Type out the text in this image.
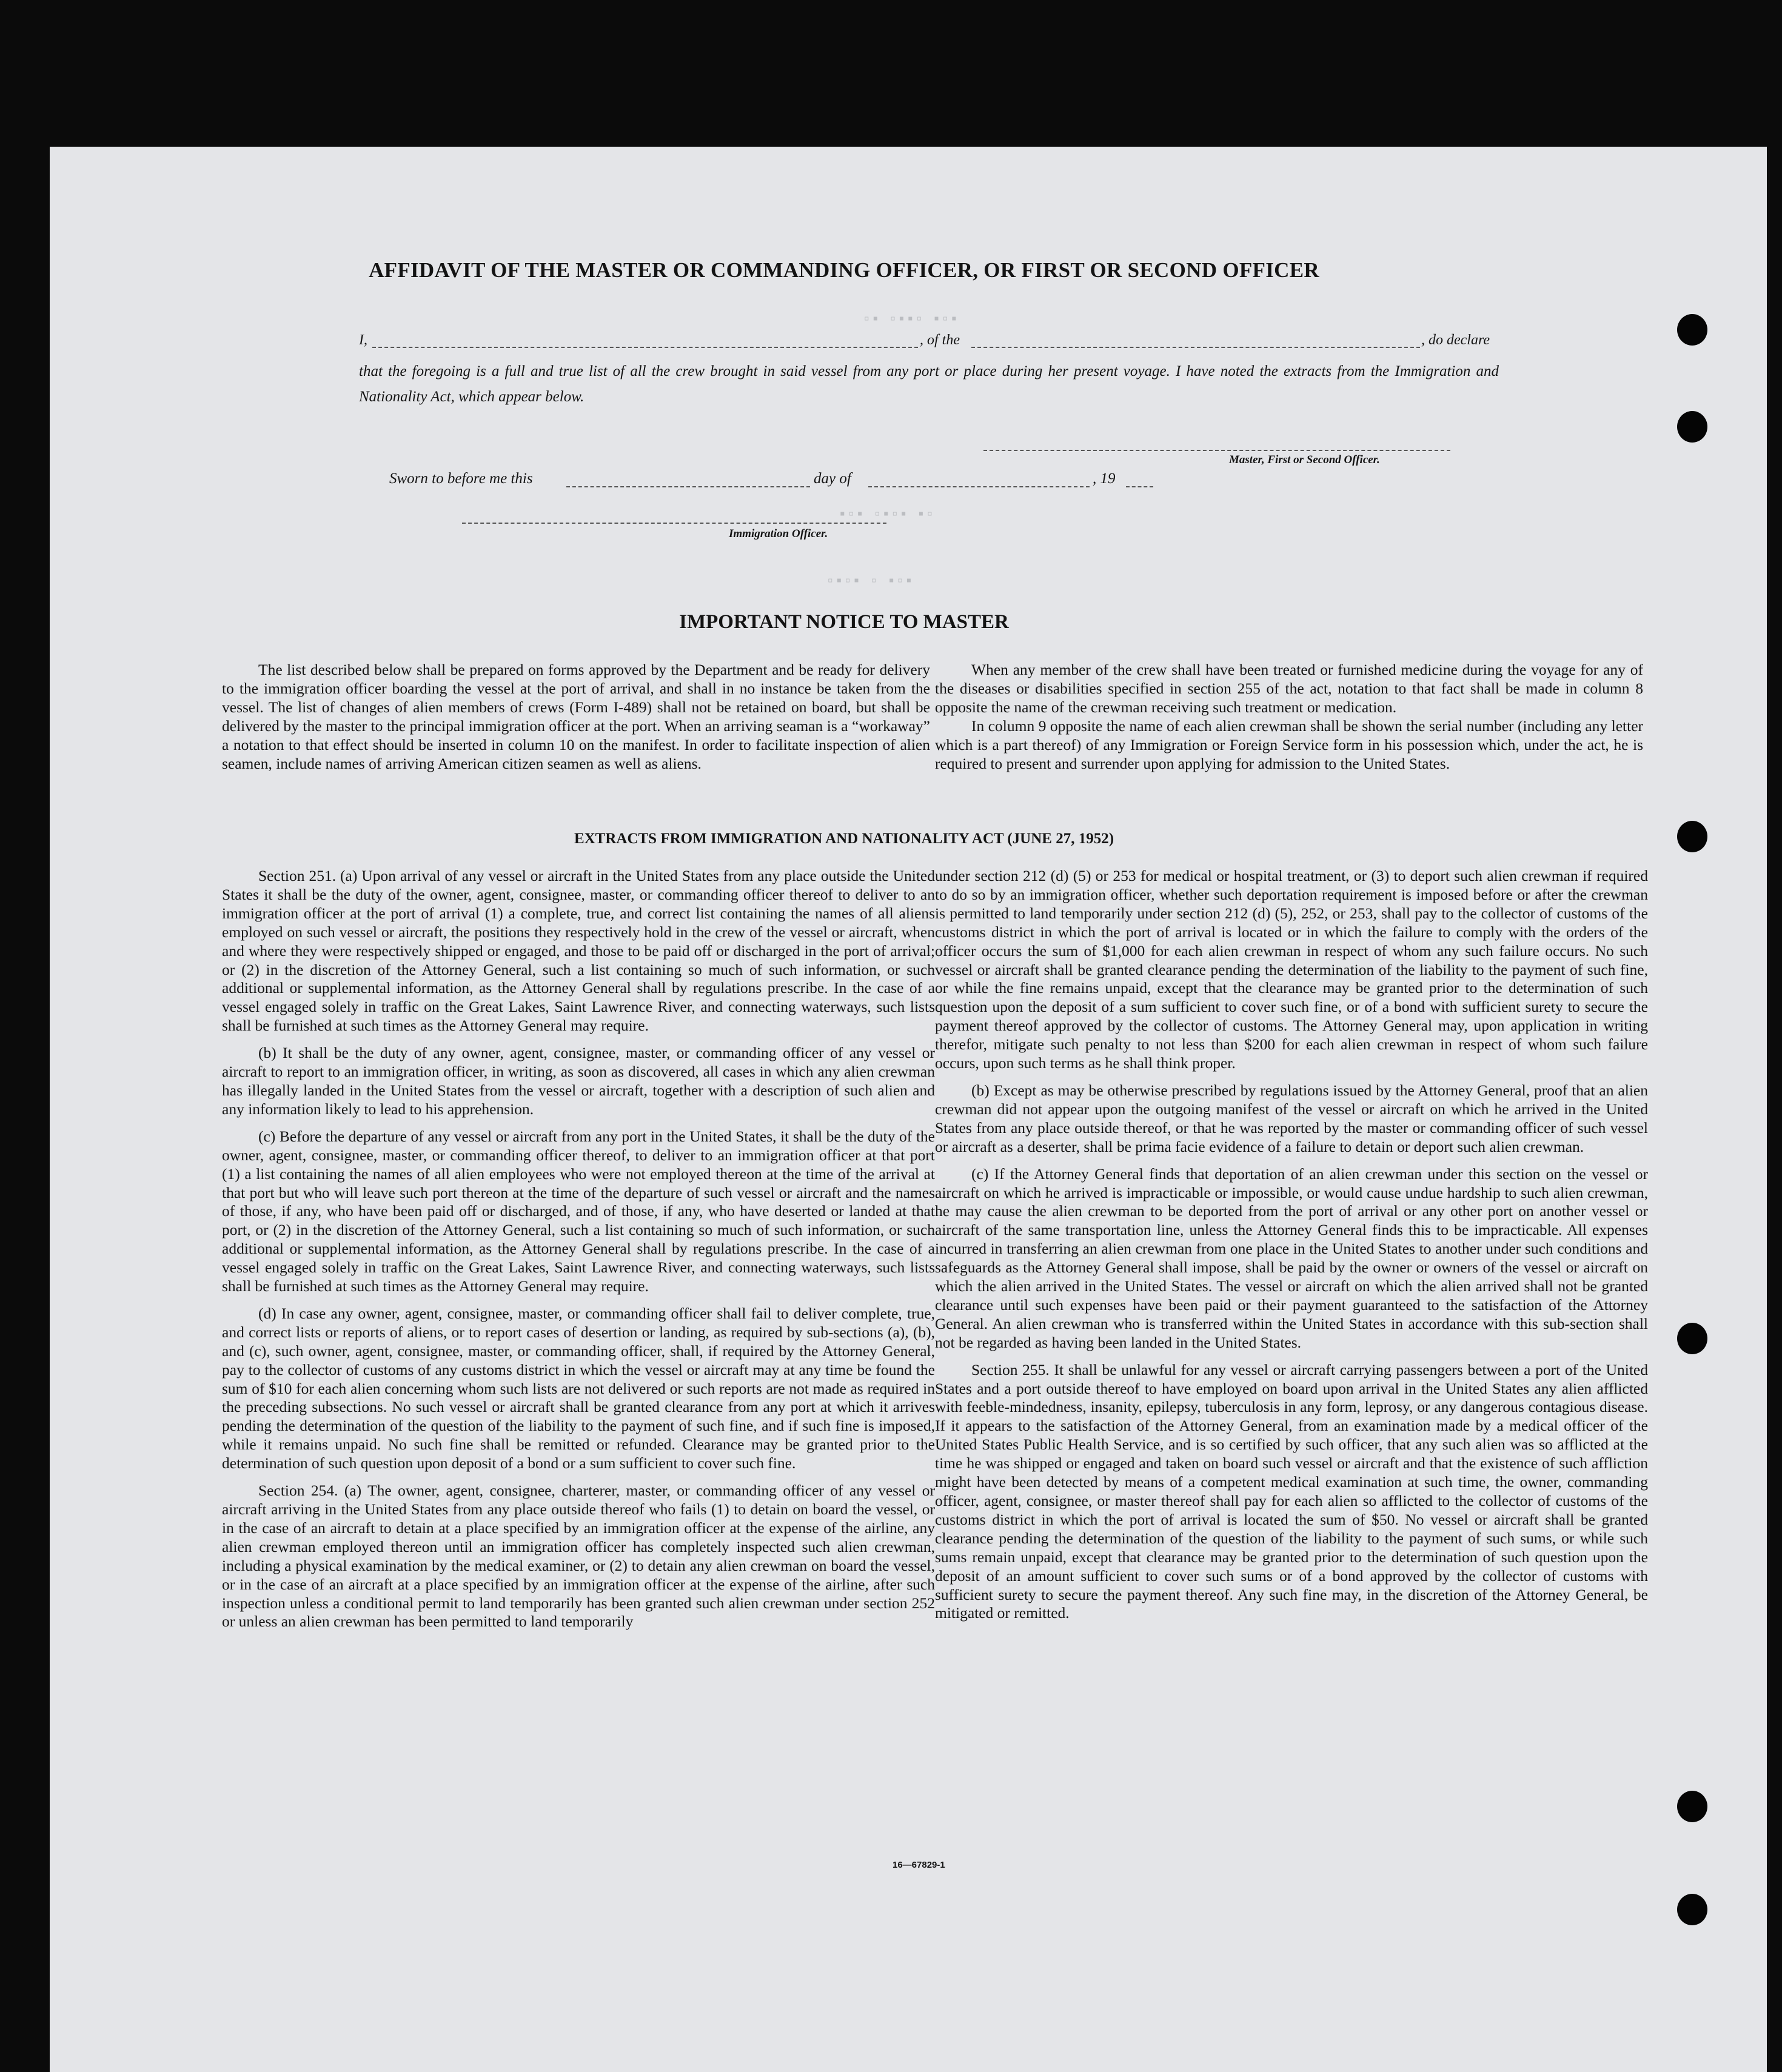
AFFIDAVIT OF THE MASTER OR COMMANDING OFFICER, OR FIRST OR SECOND OFFICER
I,	, of the	, do declare
that the foregoing is a full and true list of all the crew brought in said vessel from any port or place during her present voyage. I have noted the extracts from the Immigration and Nationality Act, which appear below.
Master, First or Second Officer.
Sworn to before me this	day of	, 19
Immigration Officer.
▪▫▪ ▫▪▪▫ ▪▫
▫▪ ▪▫▪▫ ▪▫▪
▪▫▪ ▫ ▪▫▪▫
IMPORTANT NOTICE TO MASTER

The list described below shall be prepared on forms approved by the Department and be ready for delivery to the immigration officer boarding the vessel at the port of arrival, and shall in no instance be taken from the vessel. The list of changes of alien members of crews (Form I-489) shall not be retained on board, but shall be delivered by the master to the principal immigration officer at the port. When an arriving seaman is a “workaway” a notation to that effect should be inserted in column 10 on the manifest. In order to facilitate inspection of alien seamen, include names of arriving American citizen seamen as well as aliens.

When any member of the crew shall have been treated or furnished medicine during the voyage for any of the diseases or disabilities specified in section 255 of the act, notation to that fact shall be made in column 8 opposite the name of the crewman receiving such treatment or medication.

In column 9 opposite the name of each alien crewman shall be shown the serial number (including any letter which is a part thereof) of any Immigration or Foreign Service form in his possession which, under the act, he is required to present and surrender upon applying for admission to the United States.

EXTRACTS FROM IMMIGRATION AND NATIONALITY ACT (JUNE 27, 1952)

Section 251. (a) Upon arrival of any vessel or aircraft in the United States from any place outside the United States it shall be the duty of the owner, agent, consignee, master, or commanding officer thereof to deliver to an immigration officer at the port of arrival (1) a complete, true, and correct list containing the names of all aliens employed on such vessel or aircraft, the positions they respectively hold in the crew of the vessel or aircraft, when and where they were respectively shipped or engaged, and those to be paid off or discharged in the port of arrival; or (2) in the discretion of the Attorney General, such a list containing so much of such information, or such additional or supplemental information, as the Attorney General shall by regulations prescribe. In the case of a vessel engaged solely in traffic on the Great Lakes, Saint Lawrence River, and connecting waterways, such lists shall be furnished at such times as the Attorney General may require.

(b) It shall be the duty of any owner, agent, consignee, master, or commanding officer of any vessel or aircraft to report to an immigration officer, in writing, as soon as discovered, all cases in which any alien crewman has illegally landed in the United States from the vessel or aircraft, together with a description of such alien and any information likely to lead to his apprehension.

(c) Before the departure of any vessel or aircraft from any port in the United States, it shall be the duty of the owner, agent, consignee, master, or commanding officer thereof, to deliver to an immigration officer at that port (1) a list containing the names of all alien employees who were not employed thereon at the time of the arrival at that port but who will leave such port thereon at the time of the departure of such vessel or aircraft and the names of those, if any, who have been paid off or discharged, and of those, if any, who have deserted or landed at that port, or (2) in the discretion of the Attorney General, such a list containing so much of such information, or such additional or supplemental information, as the Attorney General shall by regulations prescribe. In the case of a vessel engaged solely in traffic on the Great Lakes, Saint Lawrence River, and connecting waterways, such lists shall be furnished at such times as the Attorney General may require.

(d) In case any owner, agent, consignee, master, or commanding officer shall fail to deliver complete, true, and correct lists or reports of aliens, or to report cases of desertion or landing, as required by sub-sections (a), (b), and (c), such owner, agent, consignee, master, or commanding officer, shall, if required by the Attorney General, pay to the collector of customs of any customs district in which the vessel or aircraft may at any time be found the sum of $10 for each alien concerning whom such lists are not delivered or such reports are not made as required in the preceding subsections. No such vessel or aircraft shall be granted clearance from any port at which it arrives pending the determination of the question of the liability to the payment of such fine, and if such fine is imposed, while it remains unpaid. No such fine shall be remitted or refunded. Clearance may be granted prior to the determination of such question upon deposit of a bond or a sum sufficient to cover such fine.

Section 254. (a) The owner, agent, consignee, charterer, master, or commanding officer of any vessel or aircraft arriving in the United States from any place outside thereof who fails (1) to detain on board the vessel, or in the case of an aircraft to detain at a place specified by an immigration officer at the expense of the airline, any alien crewman employed thereon until an immigration officer has completely inspected such alien crewman, including a physical examination by the medical examiner, or (2) to detain any alien crewman on board the vessel, or in the case of an aircraft at a place specified by an immigration officer at the expense of the airline, after such inspection unless a conditional permit to land temporarily has been granted such alien crewman under section 252 or unless an alien crewman has been permitted to land temporarily

under section 212 (d) (5) or 253 for medical or hospital treatment, or (3) to deport such alien crewman if required to do so by an immigration officer, whether such deportation requirement is imposed before or after the crewman is permitted to land temporarily under section 212 (d) (5), 252, or 253, shall pay to the collector of customs of the customs district in which the port of arrival is located or in which the failure to comply with the orders of the officer occurs the sum of $1,000 for each alien crewman in respect of whom any such failure occurs. No such vessel or aircraft shall be granted clearance pending the determination of the liability to the payment of such fine, or while the fine remains unpaid, except that the clearance may be granted prior to the determination of such question upon the deposit of a sum sufficient to cover such fine, or of a bond with sufficient surety to secure the payment thereof approved by the collector of customs. The Attorney General may, upon application in writing therefor, mitigate such penalty to not less than $200 for each alien crewman in respect of whom such failure occurs, upon such terms as he shall think proper.

(b) Except as may be otherwise prescribed by regulations issued by the Attorney General, proof that an alien crewman did not appear upon the outgoing manifest of the vessel or aircraft on which he arrived in the United States from any place outside thereof, or that he was reported by the master or commanding officer of such vessel or aircraft as a deserter, shall be prima facie evidence of a failure to detain or deport such alien crewman.

(c) If the Attorney General finds that deportation of an alien crewman under this section on the vessel or aircraft on which he arrived is impracticable or impossible, or would cause undue hardship to such alien crewman, he may cause the alien crewman to be deported from the port of arrival or any other port on another vessel or aircraft of the same transportation line, unless the Attorney General finds this to be impracticable. All expenses incurred in transferring an alien crewman from one place in the United States to another under such conditions and safeguards as the Attorney General shall impose, shall be paid by the owner or owners of the vessel or aircraft on which the alien arrived in the United States. The vessel or aircraft on which the alien arrived shall not be granted clearance until such expenses have been paid or their payment guaranteed to the satisfaction of the Attorney General. An alien crewman who is transferred within the United States in accordance with this sub-section shall not be regarded as having been landed in the United States.

Section 255. It shall be unlawful for any vessel or aircraft carrying passengers between a port of the United States and a port outside thereof to have employed on board upon arrival in the United States any alien afflicted with feeble-mindedness, insanity, epilepsy, tuberculosis in any form, leprosy, or any dangerous contagious disease. If it appears to the satisfaction of the Attorney General, from an examination made by a medical officer of the United States Public Health Service, and is so certified by such officer, that any such alien was so afflicted at the time he was shipped or engaged and taken on board such vessel or aircraft and that the existence of such affliction might have been detected by means of a competent medical examination at such time, the owner, commanding officer, agent, consignee, or master thereof shall pay for each alien so afflicted to the collector of customs of the customs district in which the port of arrival is located the sum of $50. No vessel or aircraft shall be granted clearance pending the determination of the question of the liability to the payment of such sums, or while such sums remain unpaid, except that clearance may be granted prior to the determination of such question upon the deposit of an amount sufficient to cover such sums or of a bond approved by the collector of customs with sufficient surety to secure the payment thereof. Any such fine may, in the discretion of the Attorney General, be mitigated or remitted.

16—67829-1
